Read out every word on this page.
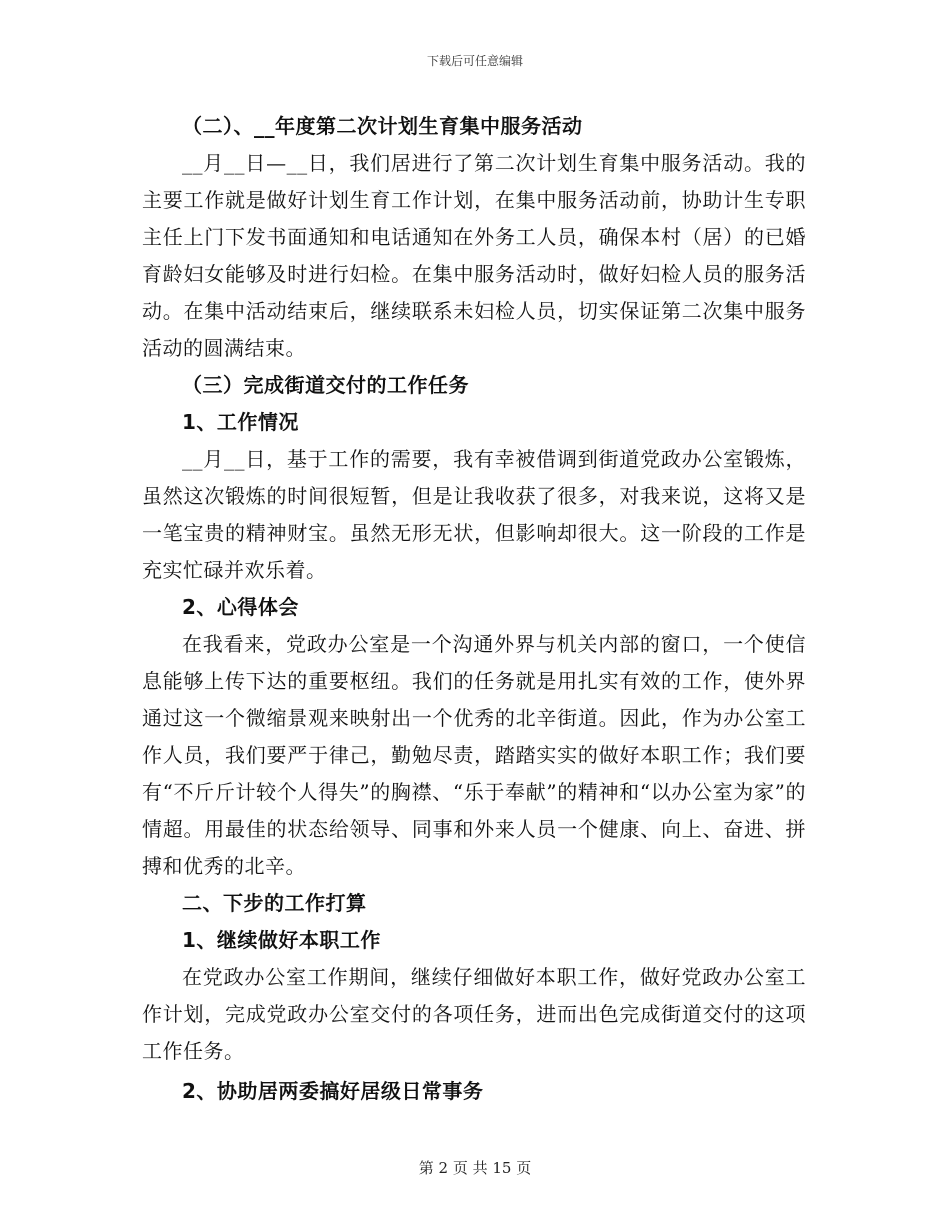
下载后可任意编辑

（二）、__年度第二次计划生育集中服务活动

__月__日—__日，我们居进行了第二次计划生育集中服务活动。我的主要工作就是做好计划生育工作计划，在集中服务活动前，协助计生专职主任上门下发书面通知和电话通知在外务工人员，确保本村（居）的已婚育龄妇女能够及时进行妇检。在集中服务活动时，做好妇检人员的服务活动。在集中活动结束后，继续联系未妇检人员，切实保证第二次集中服务活动的圆满结束。

（三）完成街道交付的工作任务

1、工作情况

__月__日，基于工作的需要，我有幸被借调到街道党政办公室锻炼，虽然这次锻炼的时间很短暂，但是让我收获了很多，对我来说，这将又是一笔宝贵的精神财宝。虽然无形无状，但影响却很大。这一阶段的工作是充实忙碌并欢乐着。

2、心得体会

在我看来，党政办公室是一个沟通外界与机关内部的窗口，一个使信息能够上传下达的重要枢纽。我们的任务就是用扎实有效的工作，使外界通过这一个微缩景观来映射出一个优秀的北辛街道。因此，作为办公室工作人员，我们要严于律己，勤勉尽责，踏踏实实的做好本职工作；我们要有“不斤斤计较个人得失”的胸襟、“乐于奉献”的精神和“以办公室为家”的情超。用最佳的状态给领导、同事和外来人员一个健康、向上、奋进、拼搏和优秀的北辛。

二、下步的工作打算

1、继续做好本职工作

在党政办公室工作期间，继续仔细做好本职工作，做好党政办公室工作计划，完成党政办公室交付的各项任务，进而出色完成街道交付的这项工作任务。

2、协助居两委搞好居级日常事务

第 2 页 共 15 页
